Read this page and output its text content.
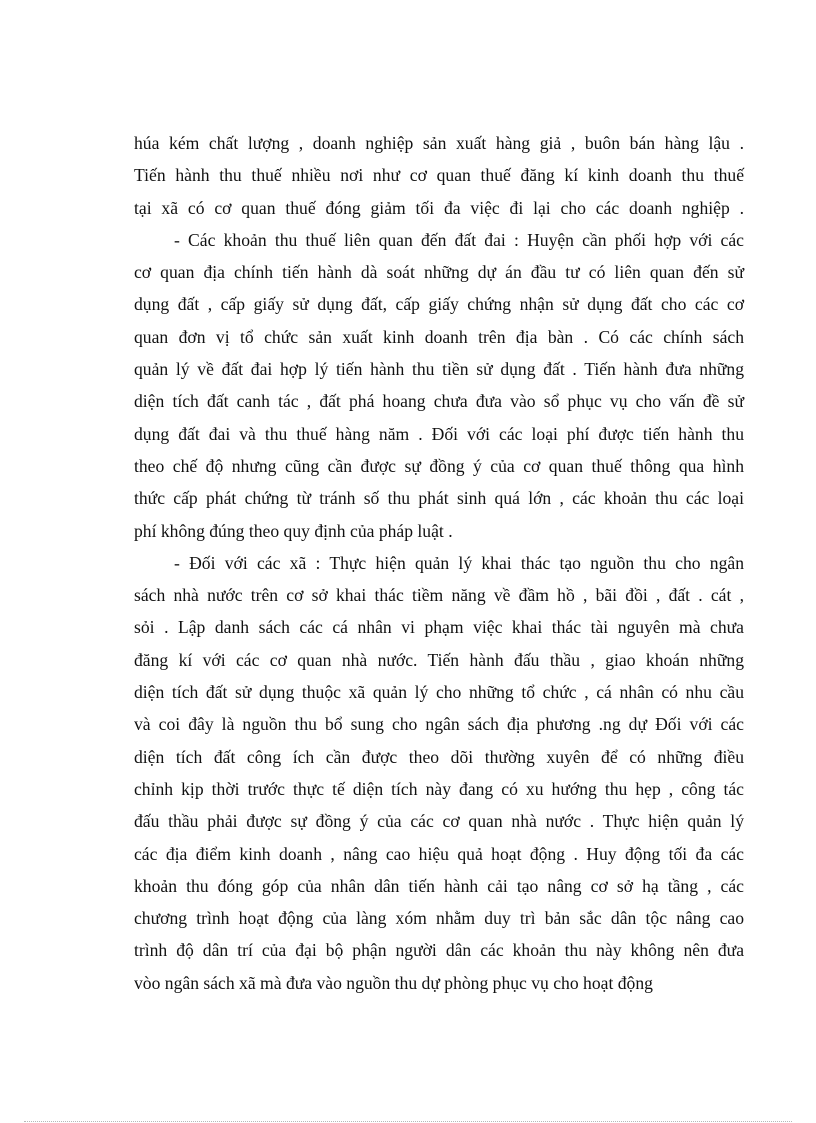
húa kém chất lượng , doanh nghiệp sản xuất hàng giả , buôn bán hàng lậu .
Tiến hành thu thuế nhiều nơi như cơ quan thuế đăng kí kinh doanh thu thuế
tại xã có cơ quan thuế đóng giảm tối đa việc đi lại cho các doanh nghiệp .
- Các khoản thu thuế liên quan đến đất đai : Huyện cần phối hợp với các
cơ quan địa chính tiến hành dà soát những dự án đầu tư có liên quan đến sử
dụng đất , cấp giấy sử dụng đất, cấp giấy chứng nhận sử dụng đất cho các cơ
quan đơn vị tổ chức sản xuất kinh doanh trên địa bàn . Có các chính sách
quản lý về đất đai hợp lý tiến hành thu tiền sử dụng đất . Tiến hành đưa những
diện tích đất canh tác , đất phá hoang chưa đưa vào sổ phục vụ cho vấn đề sử
dụng đất đai và thu thuế hàng năm . Đối với các loại phí được tiến hành thu
theo chế độ nhưng cũng cần được sự đồng ý của cơ quan thuế thông qua hình
thức cấp phát chứng từ tránh số thu phát sinh quá lớn , các khoản thu các loại
phí không đúng theo quy định của pháp luật .
- Đối với các xã : Thực hiện quản lý khai thác tạo nguồn thu cho ngân
sách nhà nước trên cơ sở khai thác tiềm năng về đầm hồ , bãi đồi , đất . cát ,
sỏi . Lập danh sách các cá nhân vi phạm việc khai thác tài nguyên mà chưa
đăng kí với các cơ quan nhà nước. Tiến hành đấu thầu , giao khoán những
diện tích đất sử dụng thuộc xã quản lý cho những tổ chức , cá nhân có nhu cầu
và coi đây là nguồn thu bổ sung cho ngân sách địa phương .ng dự Đối với các
diện tích đất công ích cần được theo dõi thường xuyên để có những điều
chỉnh kịp thời trước thực tế diện tích này đang có xu hướng thu hẹp , công tác
đấu thầu phải được sự đồng ý của các cơ quan nhà nước . Thực hiện quản lý
các địa điểm kinh doanh , nâng cao hiệu quả hoạt động . Huy động tối đa các
khoản thu đóng góp của nhân dân tiến hành cải tạo nâng cơ sở hạ tầng , các
chương trình hoạt động của làng xóm nhằm duy trì bản sắc dân tộc nâng cao
trình độ dân trí của đại bộ phận người dân các khoản thu này không nên đưa
vòo ngân sách xã mà đưa vào nguồn thu dự phòng phục vụ cho hoạt động
